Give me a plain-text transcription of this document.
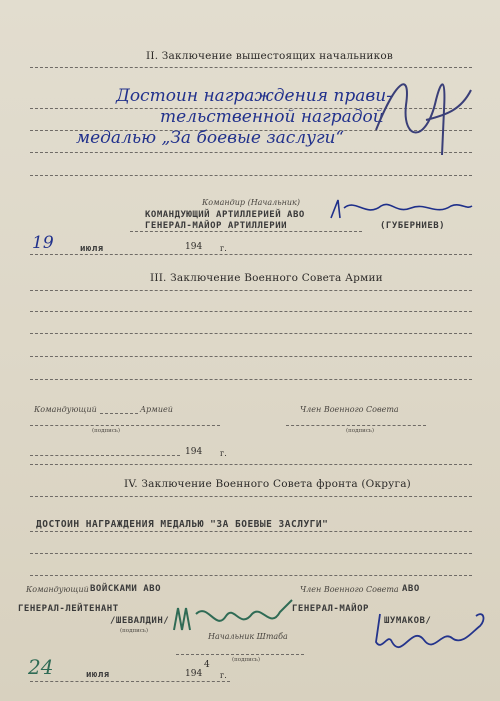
II. Заключение вышестоящих начальников
Достоин награждения прави-
тельственной наградой
медалью „За боевые заслуги“
Командир (Начальник)
КОМАНДУЮЩИЙ АРТИЛЛЕРИЕЙ АВО
ГЕНЕРАЛ-МАЙОР АРТИЛЛЕРИИ	(ГУБЕРНИЕВ)
19	июля	194 г.
III. Заключение Военного Совета Армии
Командующий	Армией	Член Военного Совета
(подпись)	(подпись)
194 г.
IV. Заключение Военного Совета фронта (Округа)
ДОСТОИН НАГРАЖДЕНИЯ МЕДАЛЬЮ "ЗА БОЕВЫЕ ЗАСЛУГИ"
Командующий ВОЙСКАМИ АВО	Член Военного Совета АВО
ГЕНЕРАЛ-ЛЕЙТЕНАНТ
/ШЕВАЛДИН/
(подпись)
ГЕНЕРАЛ-МАЙОР
ШУМАКОВ/
Начальник Штаба
(подпись)
24	июля	194
4
г.
